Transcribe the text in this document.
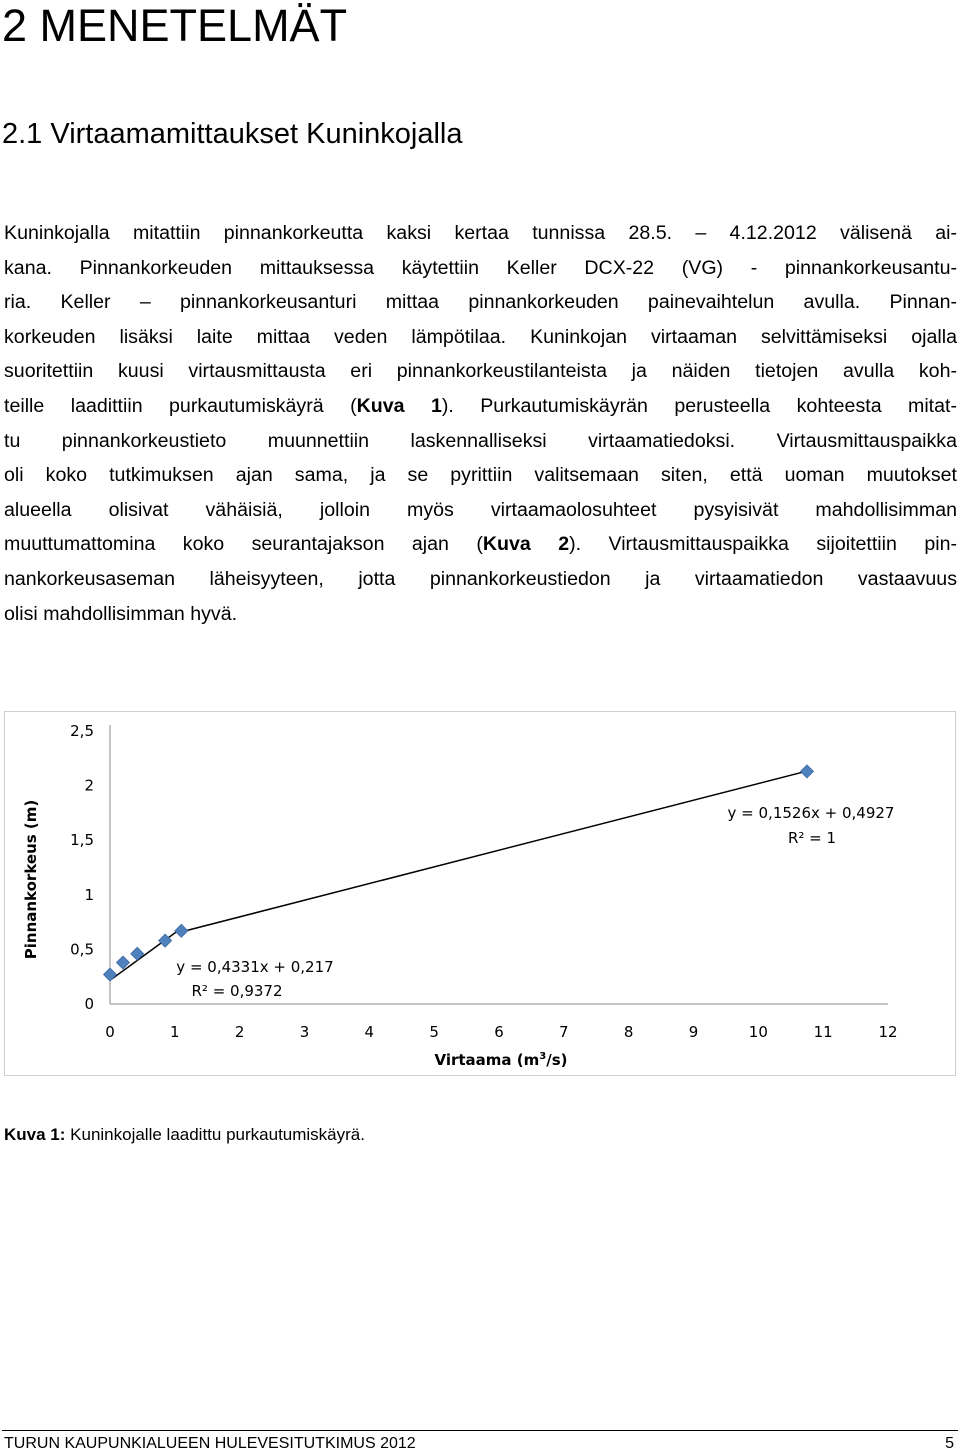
2 MENETELMÄT
2.1 Virtaamamittaukset Kuninkojalla
Kuninkojalla mitattiin pinnankorkeutta kaksi kertaa tunnissa 28.5. – 4.12.2012 välisenä ai-
kana. Pinnankorkeuden mittauksessa käytettiin Keller DCX-22 (VG) - pinnankorkeusantu-
ria. Keller – pinnankorkeusanturi mittaa pinnankorkeuden painevaihtelun avulla. Pinnan-
korkeuden lisäksi laite mittaa veden lämpötilaa. Kuninkojan virtaaman selvittämiseksi ojalla
suoritettiin kuusi virtausmittausta eri pinnankorkeustilanteista ja näiden tietojen avulla koh-
teille laadittiin purkautumiskäyrä (Kuva 1). Purkautumiskäyrän perusteella kohteesta mitat-
tu pinnankorkeustieto muunnettiin laskennalliseksi virtaamatiedoksi. Virtausmittauspaikka
oli koko tutkimuksen ajan sama, ja se pyrittiin valitsemaan siten, että uoman muutokset
alueella olisivat vähäisiä, jolloin myös virtaamaolosuhteet pysyisivät mahdollisimman
muuttumattomina koko seurantajakson ajan (Kuva 2). Virtausmittauspaikka sijoitettiin pin-
nankorkeusaseman läheisyyteen, jotta pinnankorkeustiedon ja virtaamatiedon vastaavuus
olisi mahdollisimman hyvä.
0
0,5
1
1,5
2
2,5
0	1	2	3	4	5	6	7	8	9	10	11	12
Pinnankorkeus (m)
Virtaama $(m^3/s)$
y = 0,4331x + 0,217
R² = 0,9372
y = 0,1526x + 0,4927
R² = 1
Kuva 1: Kuninkojalle laadittu purkautumiskäyrä.
TURUN KAUPUNKIALUEEN HULEVESITUTKIMUS 2012	5
